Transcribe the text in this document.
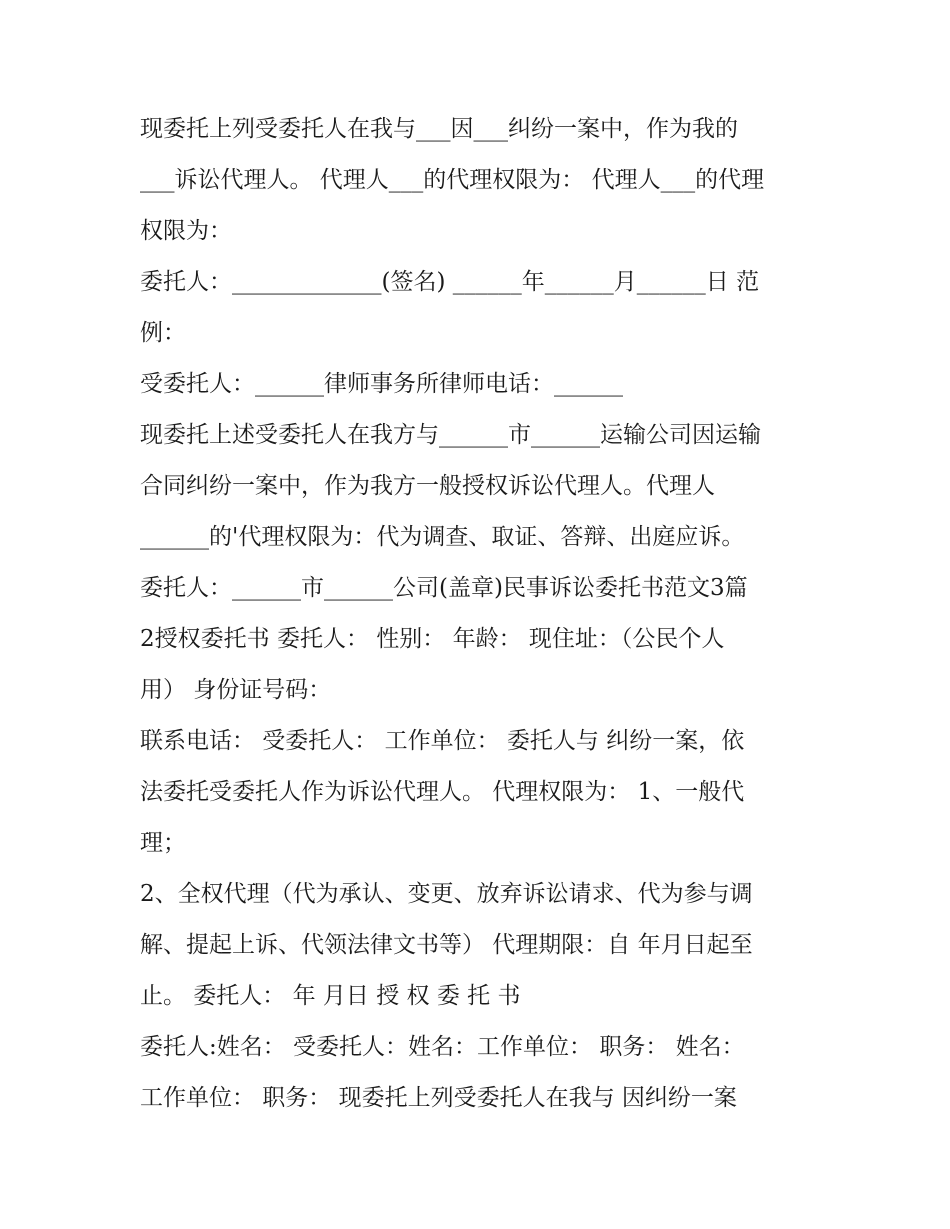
现委托上列受委托人在我与___因___纠纷一案中，作为我的
___诉讼代理人。 代理人___的代理权限为： 代理人___的代理
权限为：
委托人：_____________(签名) ______年______月______日 范
例：
受委托人：______律师事务所律师电话：______
现委托上述受委托人在我方与______市______运输公司因运输
合同纠纷一案中，作为我方一般授权诉讼代理人。代理人
______的'代理权限为：代为调查、取证、答辩、出庭应诉。
委托人：______市______公司(盖章)民事诉讼委托书范文3篇
2授权委托书 委托人： 性别： 年龄： 现住址：（公民个人
用） 身份证号码：
联系电话： 受委托人： 工作单位： 委托人与 纠纷一案，依
法委托受委托人作为诉讼代理人。 代理权限为： 1、一般代
理；
2、全权代理（代为承认、变更、放弃诉讼请求、代为参与调
解、提起上诉、代领法律文书等） 代理期限：自 年月日起至
止。 委托人： 年 月日 授 权 委 托 书
委托人:姓名： 受委托人：姓名：工作单位： 职务： 姓名：
工作单位： 职务： 现委托上列受委托人在我与 因纠纷一案
